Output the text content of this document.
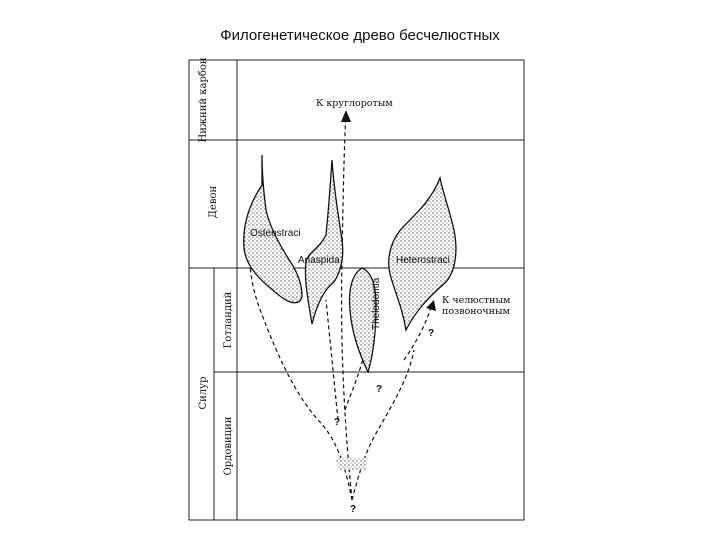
Филогенетическое древо бесчелюстных
Нижний карбон
Девон
Силур
Готландий
Ордовиции
Osteostraci
Anaspida	Heterostraci
Thelodontia
К круглоротым
К челюстным
позвоночным
?
?
?
?
